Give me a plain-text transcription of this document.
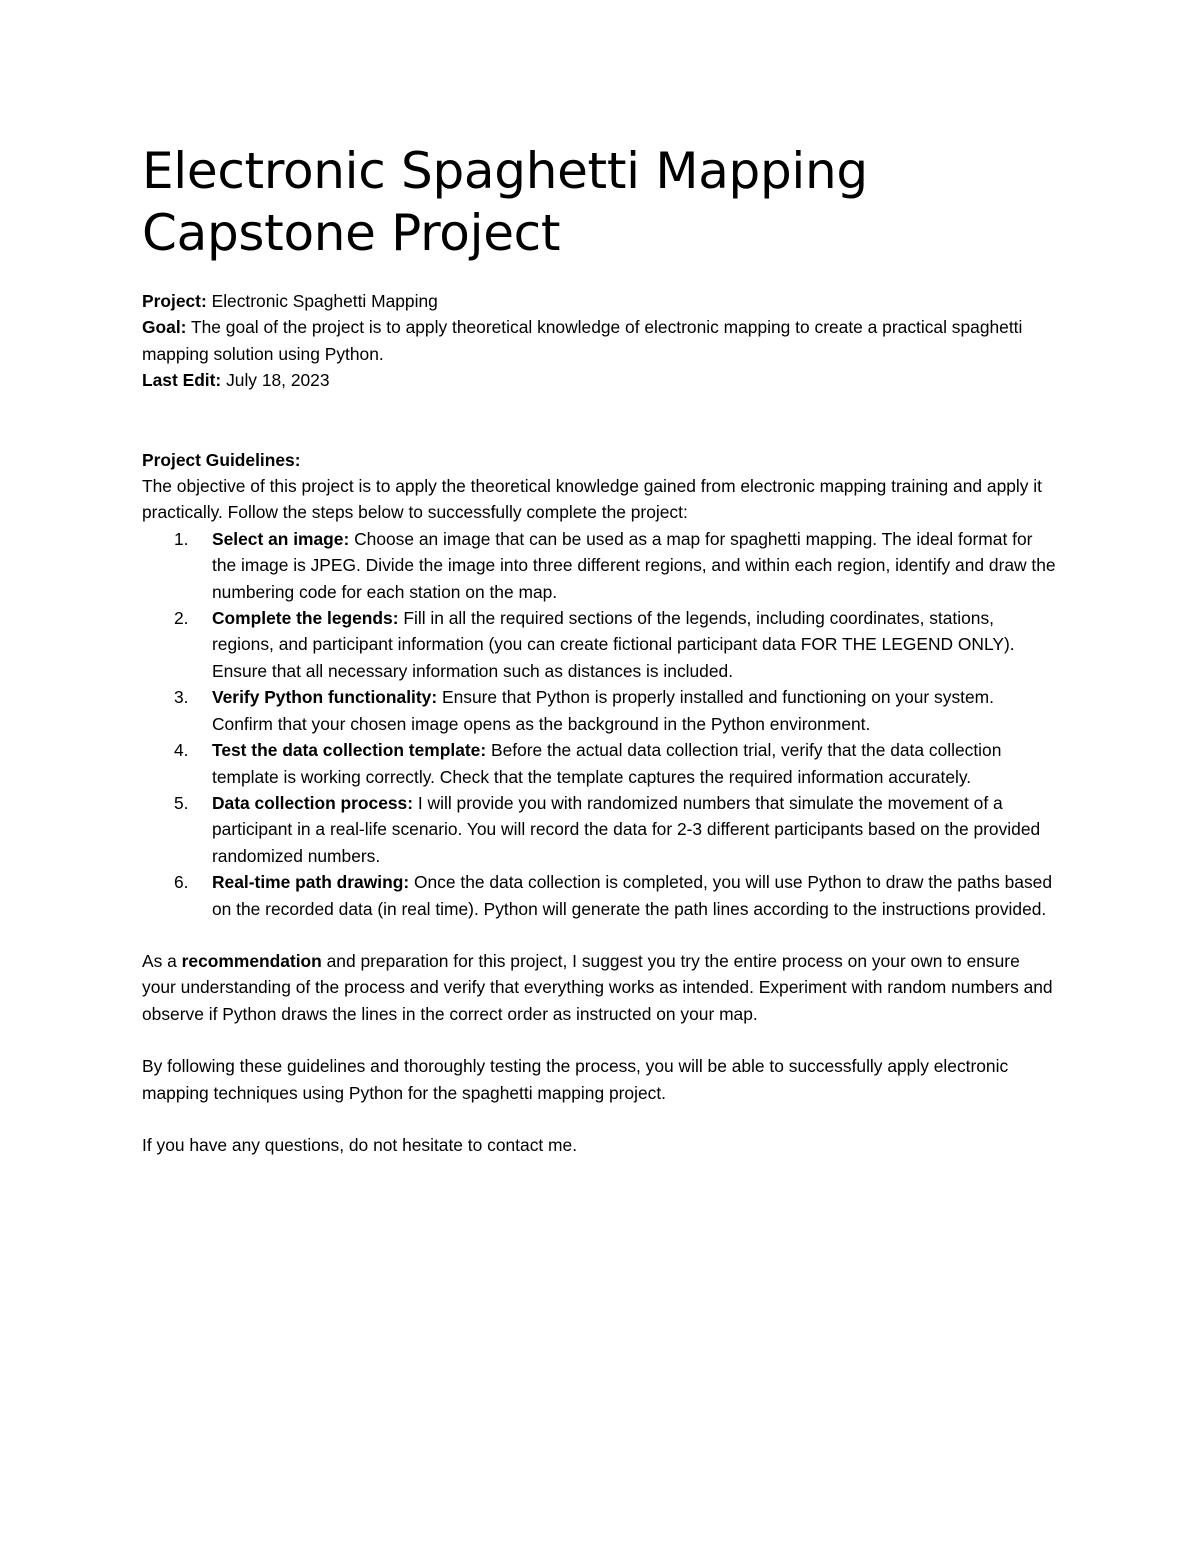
Electronic Spaghetti Mapping Capstone Project

Project: Electronic Spaghetti Mapping

Goal: The goal of the project is to apply theoretical knowledge of electronic mapping to create a practical spaghetti mapping solution using Python.

Last Edit: July 18, 2023

Project Guidelines:

The objective of this project is to apply the theoretical knowledge gained from electronic mapping training and apply it practically. Follow the steps below to successfully complete the project:

1. Select an image: Choose an image that can be used as a map for spaghetti mapping. The ideal format for the image is JPEG. Divide the image into three different regions, and within each region, identify and draw the numbering code for each station on the map.
2. Complete the legends: Fill in all the required sections of the legends, including coordinates, stations, regions, and participant information (you can create fictional participant data FOR THE LEGEND ONLY). Ensure that all necessary information such as distances is included.
3. Verify Python functionality: Ensure that Python is properly installed and functioning on your system. Confirm that your chosen image opens as the background in the Python environment.
4. Test the data collection template: Before the actual data collection trial, verify that the data collection template is working correctly. Check that the template captures the required information accurately.
5. Data collection process: I will provide you with randomized numbers that simulate the movement of a participant in a real-life scenario. You will record the data for 2-3 different participants based on the provided randomized numbers.
6. Real-time path drawing: Once the data collection is completed, you will use Python to draw the paths based on the recorded data (in real time). Python will generate the path lines according to the instructions provided.

As a recommendation and preparation for this project, I suggest you try the entire process on your own to ensure your understanding of the process and verify that everything works as intended. Experiment with random numbers and observe if Python draws the lines in the correct order as instructed on your map.

By following these guidelines and thoroughly testing the process, you will be able to successfully apply electronic mapping techniques using Python for the spaghetti mapping project.

If you have any questions, do not hesitate to contact me.
